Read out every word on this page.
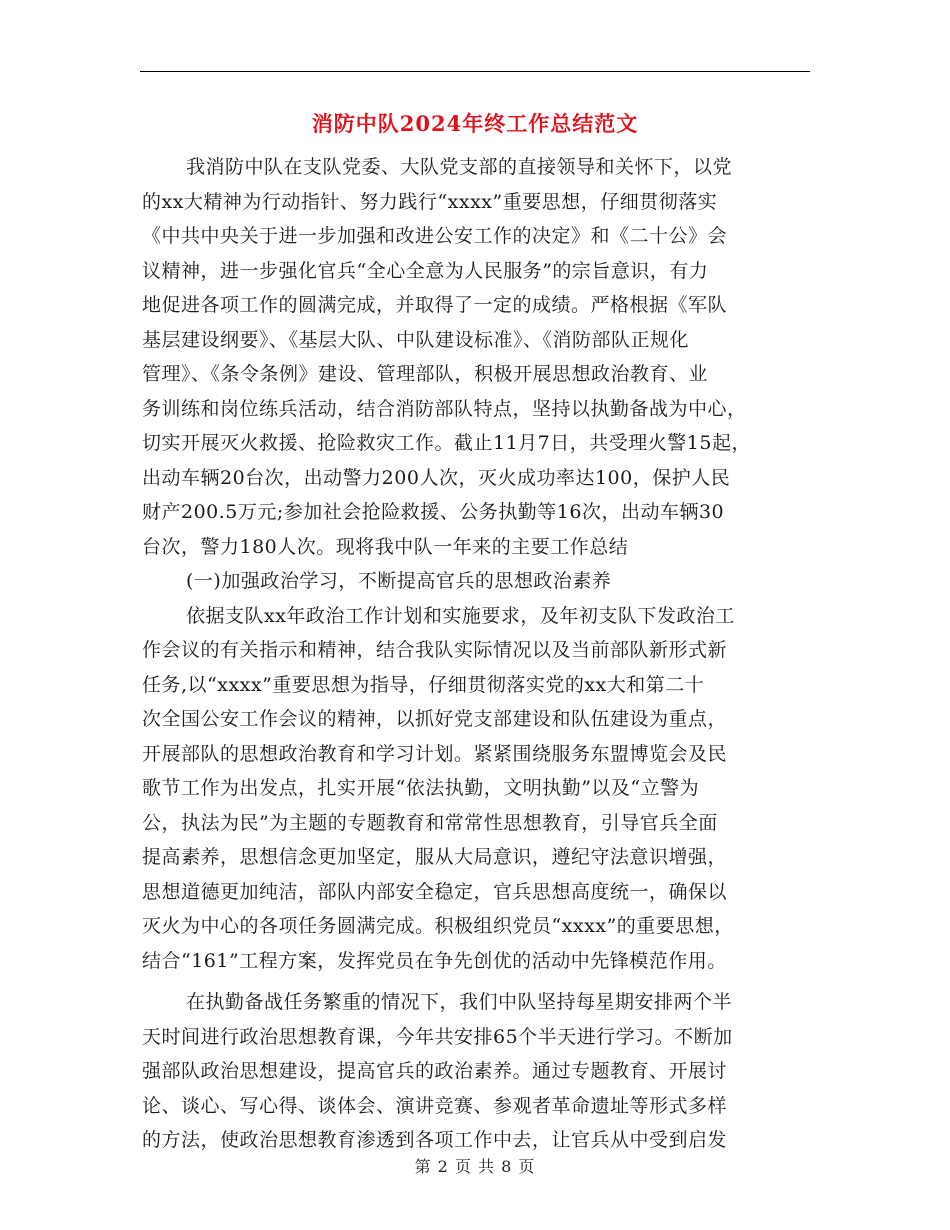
消防中队2024年终工作总结范文
我消防中队在支队党委、大队党支部的直接领导和关怀下，以党
的xx大精神为行动指针、努力践行“xxxx”重要思想，仔细贯彻落实
《中共中央关于进一步加强和改进公安工作的决定》和《二十公》会
议精神，进一步强化官兵“全心全意为人民服务”的宗旨意识，有力
地促进各项工作的圆满完成，并取得了一定的成绩。严格根据《军队
基层建设纲要》、《基层大队、中队建设标准》、《消防部队正规化
管理》、《条令条例》建设、管理部队，积极开展思想政治教育、业
务训练和岗位练兵活动，结合消防部队特点，坚持以执勤备战为中心，
切实开展灭火救援、抢险救灾工作。截止11月7日，共受理火警15起，
出动车辆20台次，出动警力200人次，灭火成功率达100，保护人民
财产200.5万元;参加社会抢险救援、公务执勤等16次，出动车辆30
台次，警力180人次。现将我中队一年来的主要工作总结
(一)加强政治学习，不断提高官兵的思想政治素养
依据支队xx年政治工作计划和实施要求，及年初支队下发政治工
作会议的有关指示和精神，结合我队实际情况以及当前部队新形式新
任务,以“xxxx”重要思想为指导，仔细贯彻落实党的xx大和第二十
次全国公安工作会议的精神，以抓好党支部建设和队伍建设为重点，
开展部队的思想政治教育和学习计划。紧紧围绕服务东盟博览会及民
歌节工作为出发点，扎实开展“依法执勤，文明执勤”以及“立警为
公，执法为民”为主题的专题教育和常常性思想教育，引导官兵全面
提高素养，思想信念更加坚定，服从大局意识，遵纪守法意识增强，
思想道德更加纯洁，部队内部安全稳定，官兵思想高度统一，确保以
灭火为中心的各项任务圆满完成。积极组织党员“xxxx”的重要思想，
结合“161”工程方案，发挥党员在争先创优的活动中先锋模范作用。
在执勤备战任务繁重的情况下，我们中队坚持每星期安排两个半
天时间进行政治思想教育课，今年共安排65个半天进行学习。不断加
强部队政治思想建设，提高官兵的政治素养。通过专题教育、开展讨
论、谈心、写心得、谈体会、演讲竞赛、参观者革命遗址等形式多样
的方法，使政治思想教育渗透到各项工作中去，让官兵从中受到启发
第 2 页 共 8 页
